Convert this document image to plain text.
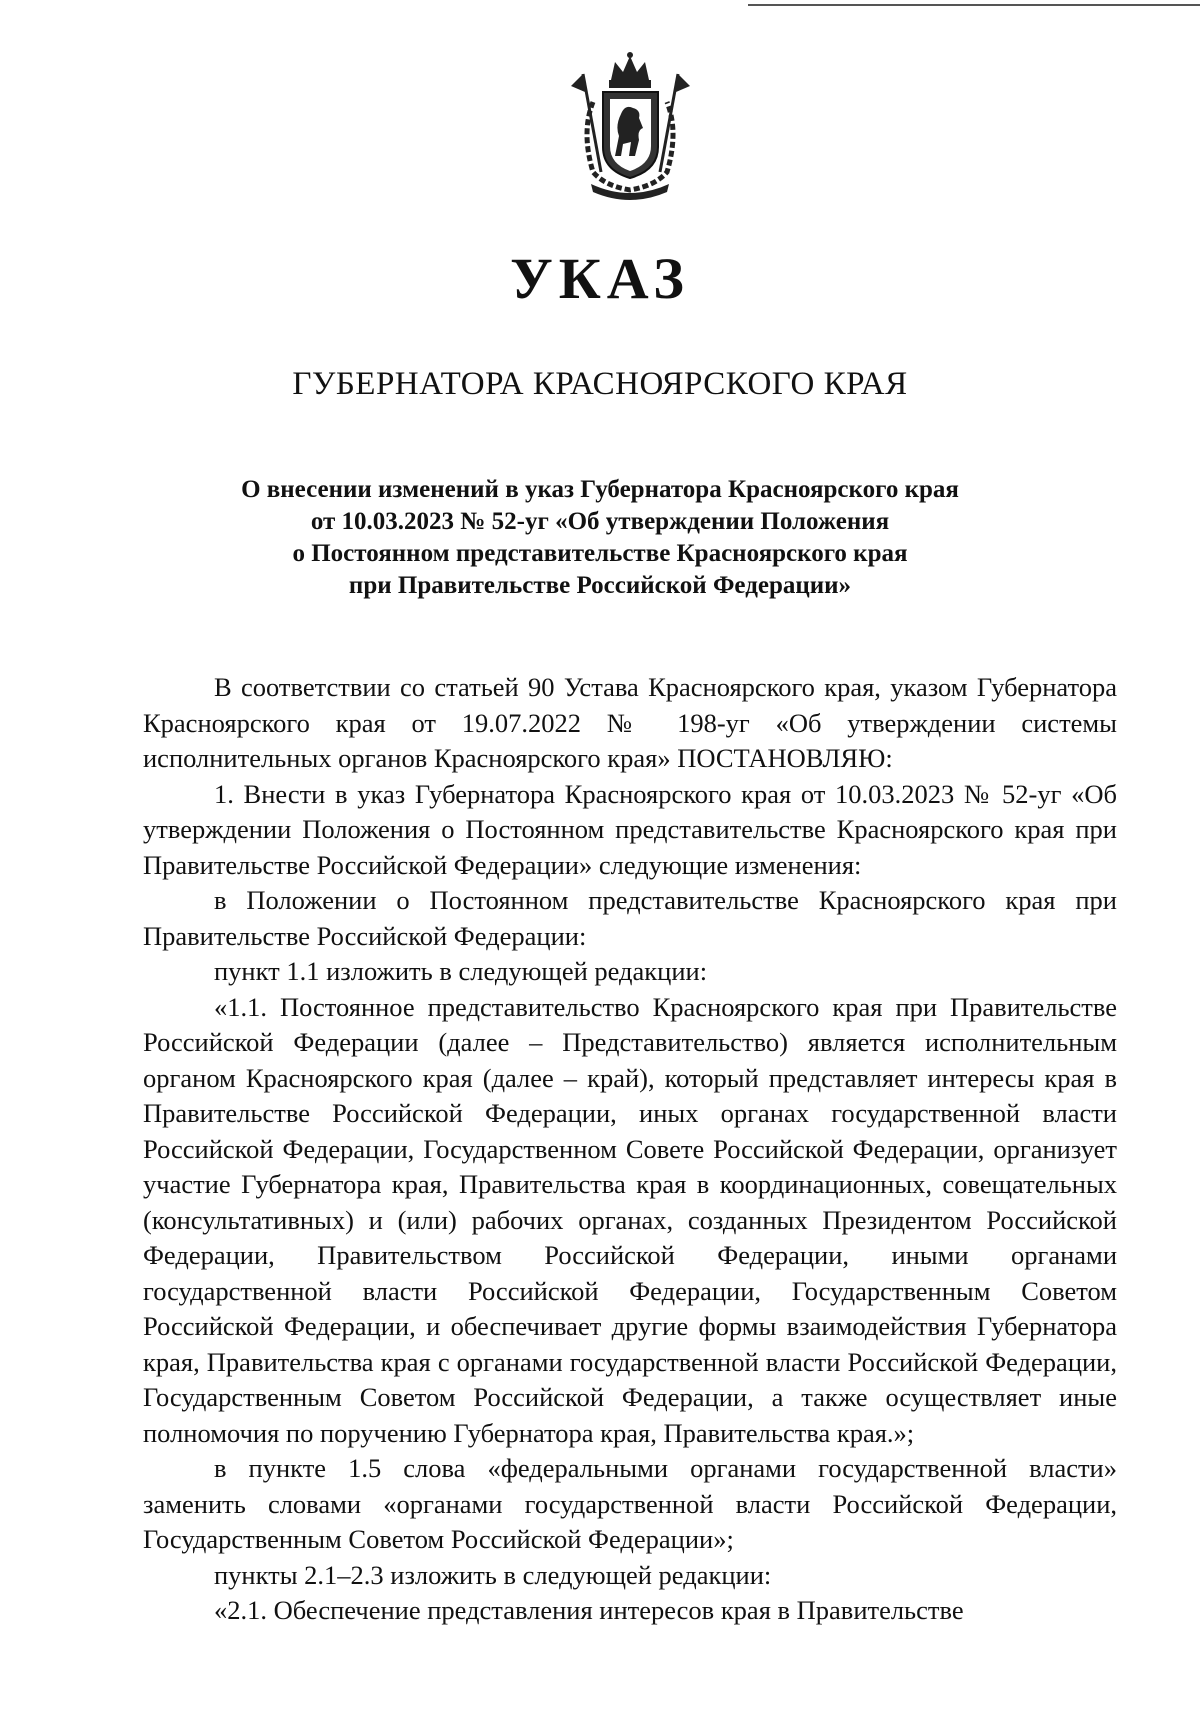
УКАЗ
ГУБЕРНАТОРА КРАСНОЯРСКОГО КРАЯ
О внесении изменений в указ Губернатора Красноярского края
от 10.03.2023 № 52-уг «Об утверждении Положения
о Постоянном представительстве Красноярского края
при Правительстве Российской Федерации»

В соответствии со статьей 90 Устава Красноярского края, указом Губернатора Красноярского края от 19.07.2022 № 198-уг «Об утверждении системы исполнительных органов Красноярского края» ПОСТАНОВЛЯЮ:

1. Внести в указ Губернатора Красноярского края от 10.03.2023 № 52-уг «Об утверждении Положения о Постоянном представительстве Красноярского края при Правительстве Российской Федерации» следующие изменения:

в Положении о Постоянном представительстве Красноярского края при Правительстве Российской Федерации:

пункт 1.1 изложить в следующей редакции:

«1.1. Постоянное представительство Красноярского края при Правительстве Российской Федерации (далее – Представительство) является исполнительным органом Красноярского края (далее – край), который представляет интересы края в Правительстве Российской Федерации, иных органах государственной власти Российской Федерации, Государственном Совете Российской Федерации, организует участие Губернатора края, Правительства края в координационных, совещательных (консультативных) и (или) рабочих органах, созданных Президентом Российской Федерации, Правительством Российской Федерации, иными органами государственной власти Российской Федерации, Государственным Советом Российской Федерации, и обеспечивает другие формы взаимодействия Губернатора края, Правительства края с органами государственной власти Российской Федерации, Государственным Советом Российской Федерации, а также осуществляет иные полномочия по поручению Губернатора края, Правительства края.»;

в пункте 1.5 слова «федеральными органами государственной власти» заменить словами «органами государственной власти Российской Федерации, Государственным Советом Российской Федерации»;

пункты 2.1–2.3 изложить в следующей редакции:

«2.1. Обеспечение представления интересов края в Правительстве
